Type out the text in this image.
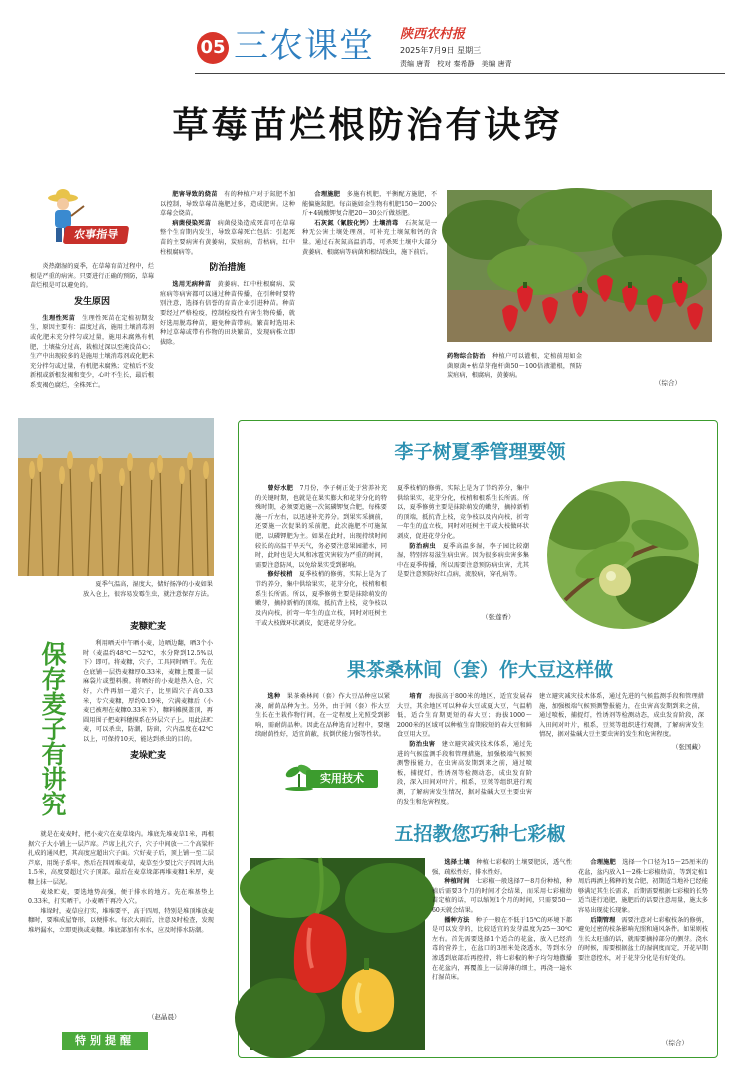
05 三农课堂 陕西农村报
2025年7月9日 星期三
责编 唐青　校对 秦希静　美编 唐青
草莓苗烂根防治有诀窍
农事指导

炎热潮湿的夏季，在草莓育苗过程中，烂根是严重的病害。只要进行正确的预防，草莓苗烂根是可以避免的。

发生原因

生理性死苗　 生理性死苗在定植初期发生，原因主要有：温度过高，施用土壤消毒剂或化肥未充分拌匀或过量，施用未腐熟有机肥，土壤盐分过高，栽植过深以至淹没苗心；生产中出现较多的是施用土壤消毒剂或化肥未充分拌匀或过量，有机肥未腐熟；定植后不发新根或新根发褐和变少，心叶不生长，最后根系变褐色腐烂，全株死亡。

肥害导致的烧苗　 有的种植户对于氮肥不加以控制，导致草莓苗施肥过多，造成肥害。这种草莓会烧苗。

病菌侵染死苗　 病菌侵染造成死苗可在草莓整个生育期内发生，导致草莓死亡包括：引起死苗的主要病害有黄萎病，炭疽病，青枯病，红中柱根腐病等。

防治措施

选用无病种苗　 黄萎病、红中柱根腐病、炭疽病等病害都可以通过种苗传播，在引种时要特别注意，选择有信誉的育苗企业引进种苗。种苗要经过严格检疫，控制检疫性有害生物传播，就好选用脱毒种苗，避免种苗带病。繁苗时选用未种过草莓或带有作物的田块繁苗，发现病株立即拔除。

合理施肥　 多施有机肥，平衡配方施肥，不能偏施氮肥。每亩施如金生物有机肥150～200公斤+4硫酸钾复合肥20～30公斤做基肥。

石灰氮（氰胺化钙）土壤消毒　 石灰氮是一种无公害土壤处理剂，可补充土壤氮和钙的含量。通过石灰氮高温消毒，可杀死土壤中大部分黄萎病、根腐病等病菌和根结线虫，施下前后。

药物综合防治　 种植户可以灌根，定植前用如金菌原菌+枯草芽孢杆菌50～100倍液灌根，预防炭疽病，根腐病，黄萎病。

（综合）
保存麦子有讲究

夏季气温高，湿度大，储好扬净的小麦如果放入仓上，很容易发霉生虫，就注意保存方法。

麦糠贮麦

利用晒天中午晒小麦，边晒边翻，晒3个小时（麦温约48℃～52℃，水分降到12.5%以下）即可。将麦糠，穴子，工具同时晒干。先在仓底铺一层热麦糠厚0.33米，麦糠上覆盖一层麻袋片或塑料膜。将晒好的小麦趁热入仓，穴好，六件再加一道穴子，比里圆穴子高0.33米，专穴麦糠，厚约0.19米，穴满麦糠后（小麦已被埋在麦糠0.33米下），糠料摊摸盖顶，再圆用围子把麦料穗摸系在外层穴子上。用此法贮麦，可以杀虫，防潮，防窗，穴内温度在42℃以上，可保持10天，能达到杀虫的目的。

麦垛贮麦

就是在麦麦时，把小麦穴在麦草垛内。堆底先堆麦草1米，再根据穴子大小铺上一层芦席。芦席上扎穴子，穴子中间放一二个高粱秆扎成的通风把，其高度应超出穴子面。穴好麦子后，顶上铺一至二层芦席，用绳子系牢。然后在四周堆麦草，麦草至少要比穴子四周大出1.5米，高度要超过穴子顶部。最后在麦草垛部再堆麦糠1米厚，麦糠上抹一层泥。

麦垛贮麦，要选地势高强，便于排水的地方。先在堆基垫上0.33米，打实晒干。小麦晒干再冷入穴。

堆垛时，麦草应打实，堆堆要平，高于四周，特别是堆顶堆放麦糠时，要堆成屋脊形，以便排水。每次大雨后，注意及时检查，发现堆坍漏水，立即更换或麦糠。堆底部加有水水，应及时排水防潮。

（赵晶晨）
特别提醒
李子树夏季管理要领

曾好水肥　 7月份，李子树正处于营养补充的关键时期，也就是在果实膨大和花芽分化的特殊时期，必须要追施一次氮磷钾复合肥，每株要施一斤左右，以迅速补充养分。到果实采摘前，还要施一次促果的采前肥，此次施肥不可施氮肥，以磷钾肥为主。如果在此时，出现持续时间较长的高温干旱天气，务必要注意果园灌水，同时，此时也是大风和冰雹灾害较为严重的时间，需要注意防风，以免给果实受到影响。

修好枝梢　 夏季枝梢的修剪，实际上是为了节约养分，集中供给果实，花芽分化，枝梢和根系生长所需。所以，夏季修剪主要是抹除萌发的嫩芽，摘掉新梢的顶端，抵抗背上枝，竞争枝以及内向枝，折弯一年生的直立枝，同时对旺树主干或大枝做环状剥皮，促进花芽分化。

夏季枝梢的修剪，实际上是为了节约养分，集中供给果实，花芽分化，枝梢和根系生长所需。所以，夏季修剪主要是抹除萌发的嫩芽，摘掉新梢的顶端，抵抗背上枝，竞争枝以及内向枝，折弯一年生的直立枝，同时对旺树主干或大枝做环状剥皮，促进花芽分化。

防治病虫　 夏季高温多湿，李子园比较潮湿，特别容易滋生病虫害。因为很多病虫害多集中在夏季传播，所以需要注意预防病虫害，尤其是要注意预防好红点病，流胶病，穿孔病等。

（张莲香）
果茶桑林间（套）作大豆这样做

选种　 果茶桑林间（套）作大豆品种应以紧凑，耐荫品种为主。另外，由于间（套）作大豆生长在主栽作物行间，在一定程度上光照受到影响，需耐荫品种。因此在品种选育过程中，要继续耐荫性好，适宜荫蔽，抗倒伏能力强等性状。

培育　 海拔高于800米的地区，适宜发展春大豆，其余地区可以种春大豆或夏大豆，气温稍低，适合生育期更短的春大豆；海拔1000～2000米的区域可以种植生育期较短的春大豆和鲜食豆用大豆。

防治虫害　 建立避灾减灾技术体系，通过先进的气候监测手段和管理措施，加强极端气候预测警报能力，在虫害高发期到来之前，通过喷板，捕捉灯，性诱剂等检测动态，成虫发育阶段，深入田间对叶片，根系，豆荚等组织进行观测，了解病害发生情况，据对盐碱大豆主要虫害的发生和危害程度。

建立避灾减灾技术体系，通过先进的气候监测手段和管理措施，加强极端气候预测警报能力，在虫害高发期到来之前，通过喷板，捕捉灯，性诱剂等检测动态，成虫发育阶段，深入田间对叶片，根系，豆荚等组织进行观测，了解病害发生情况，据对盐碱大豆主要虫害的发生和危害程度。

（张国藏）
实用技术
五招教您巧种七彩椒

选择土壤　 种植七彩椒的土壤要肥沃，透气性强，疏松性好，排水性好。

种植时间　 七彩椒一般选择7～8月份种植，种植后需要3个月的时间才会结果，而采用七彩椒幼苗定植的话，可以缩短1个月的时间，只需要50～60天就会结果。

播种方法　 种子一般在不低于15℃的环境下都是可以发芽的，比较适宜的发芽温度为25～30℃左右。首先需要选择1个适合的花盆，放入已经消毒的营养土，在盆口的3厘米处浇透水，等到水分渗透到底部后再控持，将七彩椒的种子均匀地撒播在花盆内，再覆盖上一层薄薄的细土，再浇一遍水打湿苗床。

合理施肥　 选择一个口径为15～25厘米的花盆，盆内放入1～2株七彩椒幼苗，等到定植1周后再洒上稀释的复合肥，初期适当地补已经能够满足其生长需求，后期需要根据七彩椒的长势适当进行追肥，施肥后的话要注意用量，施太多容易出现徒长现象。

后期管理　 需要注意对七彩椒枝条的修剪，避免过密的枝条影响光照和通风条件。如果则枝生长太旺盛的话，就需要摘掉部分的侧芽。浇水的时候，需要根据盆土的湿润度而定，开花早期要注意控水，对于花芽分化是有好处的。

（综合）
